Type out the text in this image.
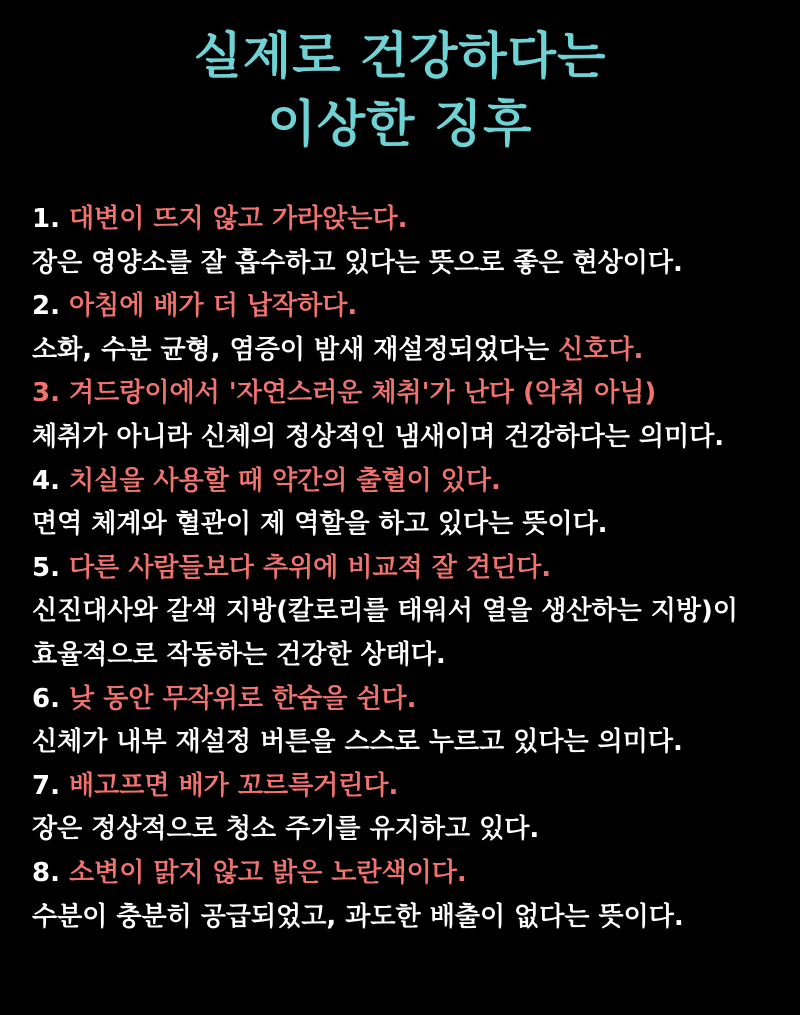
실제로 건강하다는
이상한 징후
1. 대변이 뜨지 않고 가라앉는다.
장은 영양소를 잘 흡수하고 있다는 뜻으로 좋은 현상이다.
2. 아침에 배가 더 납작하다.
소화, 수분 균형, 염증이 밤새 재설정되었다는 신호다.
3. 겨드랑이에서 '자연스러운 체취'가 난다 (악취 아님)
체취가 아니라 신체의 정상적인 냄새이며 건강하다는 의미다.
4. 치실을 사용할 때 약간의 출혈이 있다.
면역 체계와 혈관이 제 역할을 하고 있다는 뜻이다.
5. 다른 사람들보다 추위에 비교적 잘 견딘다.
신진대사와 갈색 지방(칼로리를 태워서 열을 생산하는 지방)이
효율적으로 작동하는 건강한 상태다.
6. 낮 동안 무작위로 한숨을 쉰다.
신체가 내부 재설정 버튼을 스스로 누르고 있다는 의미다.
7. 배고프면 배가 꼬르륵거린다.
장은 정상적으로 청소 주기를 유지하고 있다.
8. 소변이 맑지 않고 밝은 노란색이다.
수분이 충분히 공급되었고, 과도한 배출이 없다는 뜻이다.
